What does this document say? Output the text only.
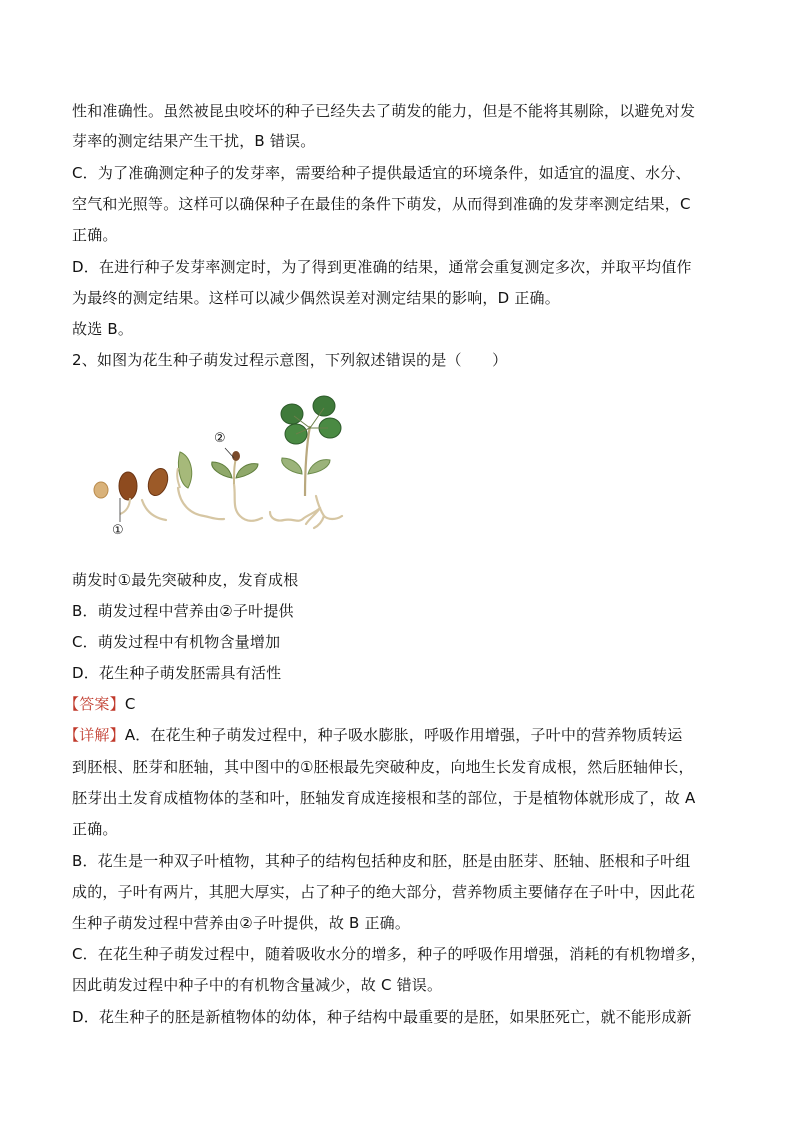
性和准确性。虽然被昆虫咬坏的种子已经失去了萌发的能力，但是不能将其剔除，以避免对发
芽率的测定结果产生干扰，B 错误。
C．为了准确测定种子的发芽率，需要给种子提供最适宜的环境条件，如适宜的温度、水分、
空气和光照等。这样可以确保种子在最佳的条件下萌发，从而得到准确的发芽率测定结果，C
正确。
D．在进行种子发芽率测定时，为了得到更准确的结果，通常会重复测定多次，并取平均值作
为最终的测定结果。这样可以减少偶然误差对测定结果的影响，D 正确。
故选 B。
2、如图为花生种子萌发过程示意图，下列叙述错误的是（　　）
②
①
萌发时①最先突破种皮，发育成根
B．萌发过程中营养由②子叶提供
C．萌发过程中有机物含量增加
D．花生种子萌发胚需具有活性
【答案】C
【详解】A．在花生种子萌发过程中，种子吸水膨胀，呼吸作用增强，子叶中的营养物质转运
到胚根、胚芽和胚轴，其中图中的①胚根最先突破种皮，向地生长发育成根，然后胚轴伸长，
胚芽出土发育成植物体的茎和叶，胚轴发育成连接根和茎的部位，于是植物体就形成了，故 A
正确。
B．花生是一种双子叶植物，其种子的结构包括种皮和胚，胚是由胚芽、胚轴、胚根和子叶组
成的，子叶有两片，其肥大厚实，占了种子的绝大部分，营养物质主要储存在子叶中，因此花
生种子萌发过程中营养由②子叶提供，故 B 正确。
C．在花生种子萌发过程中，随着吸收水分的增多，种子的呼吸作用增强，消耗的有机物增多，
因此萌发过程中种子中的有机物含量减少，故 C 错误。
D．花生种子的胚是新植物体的幼体，种子结构中最重要的是胚，如果胚死亡，就不能形成新
